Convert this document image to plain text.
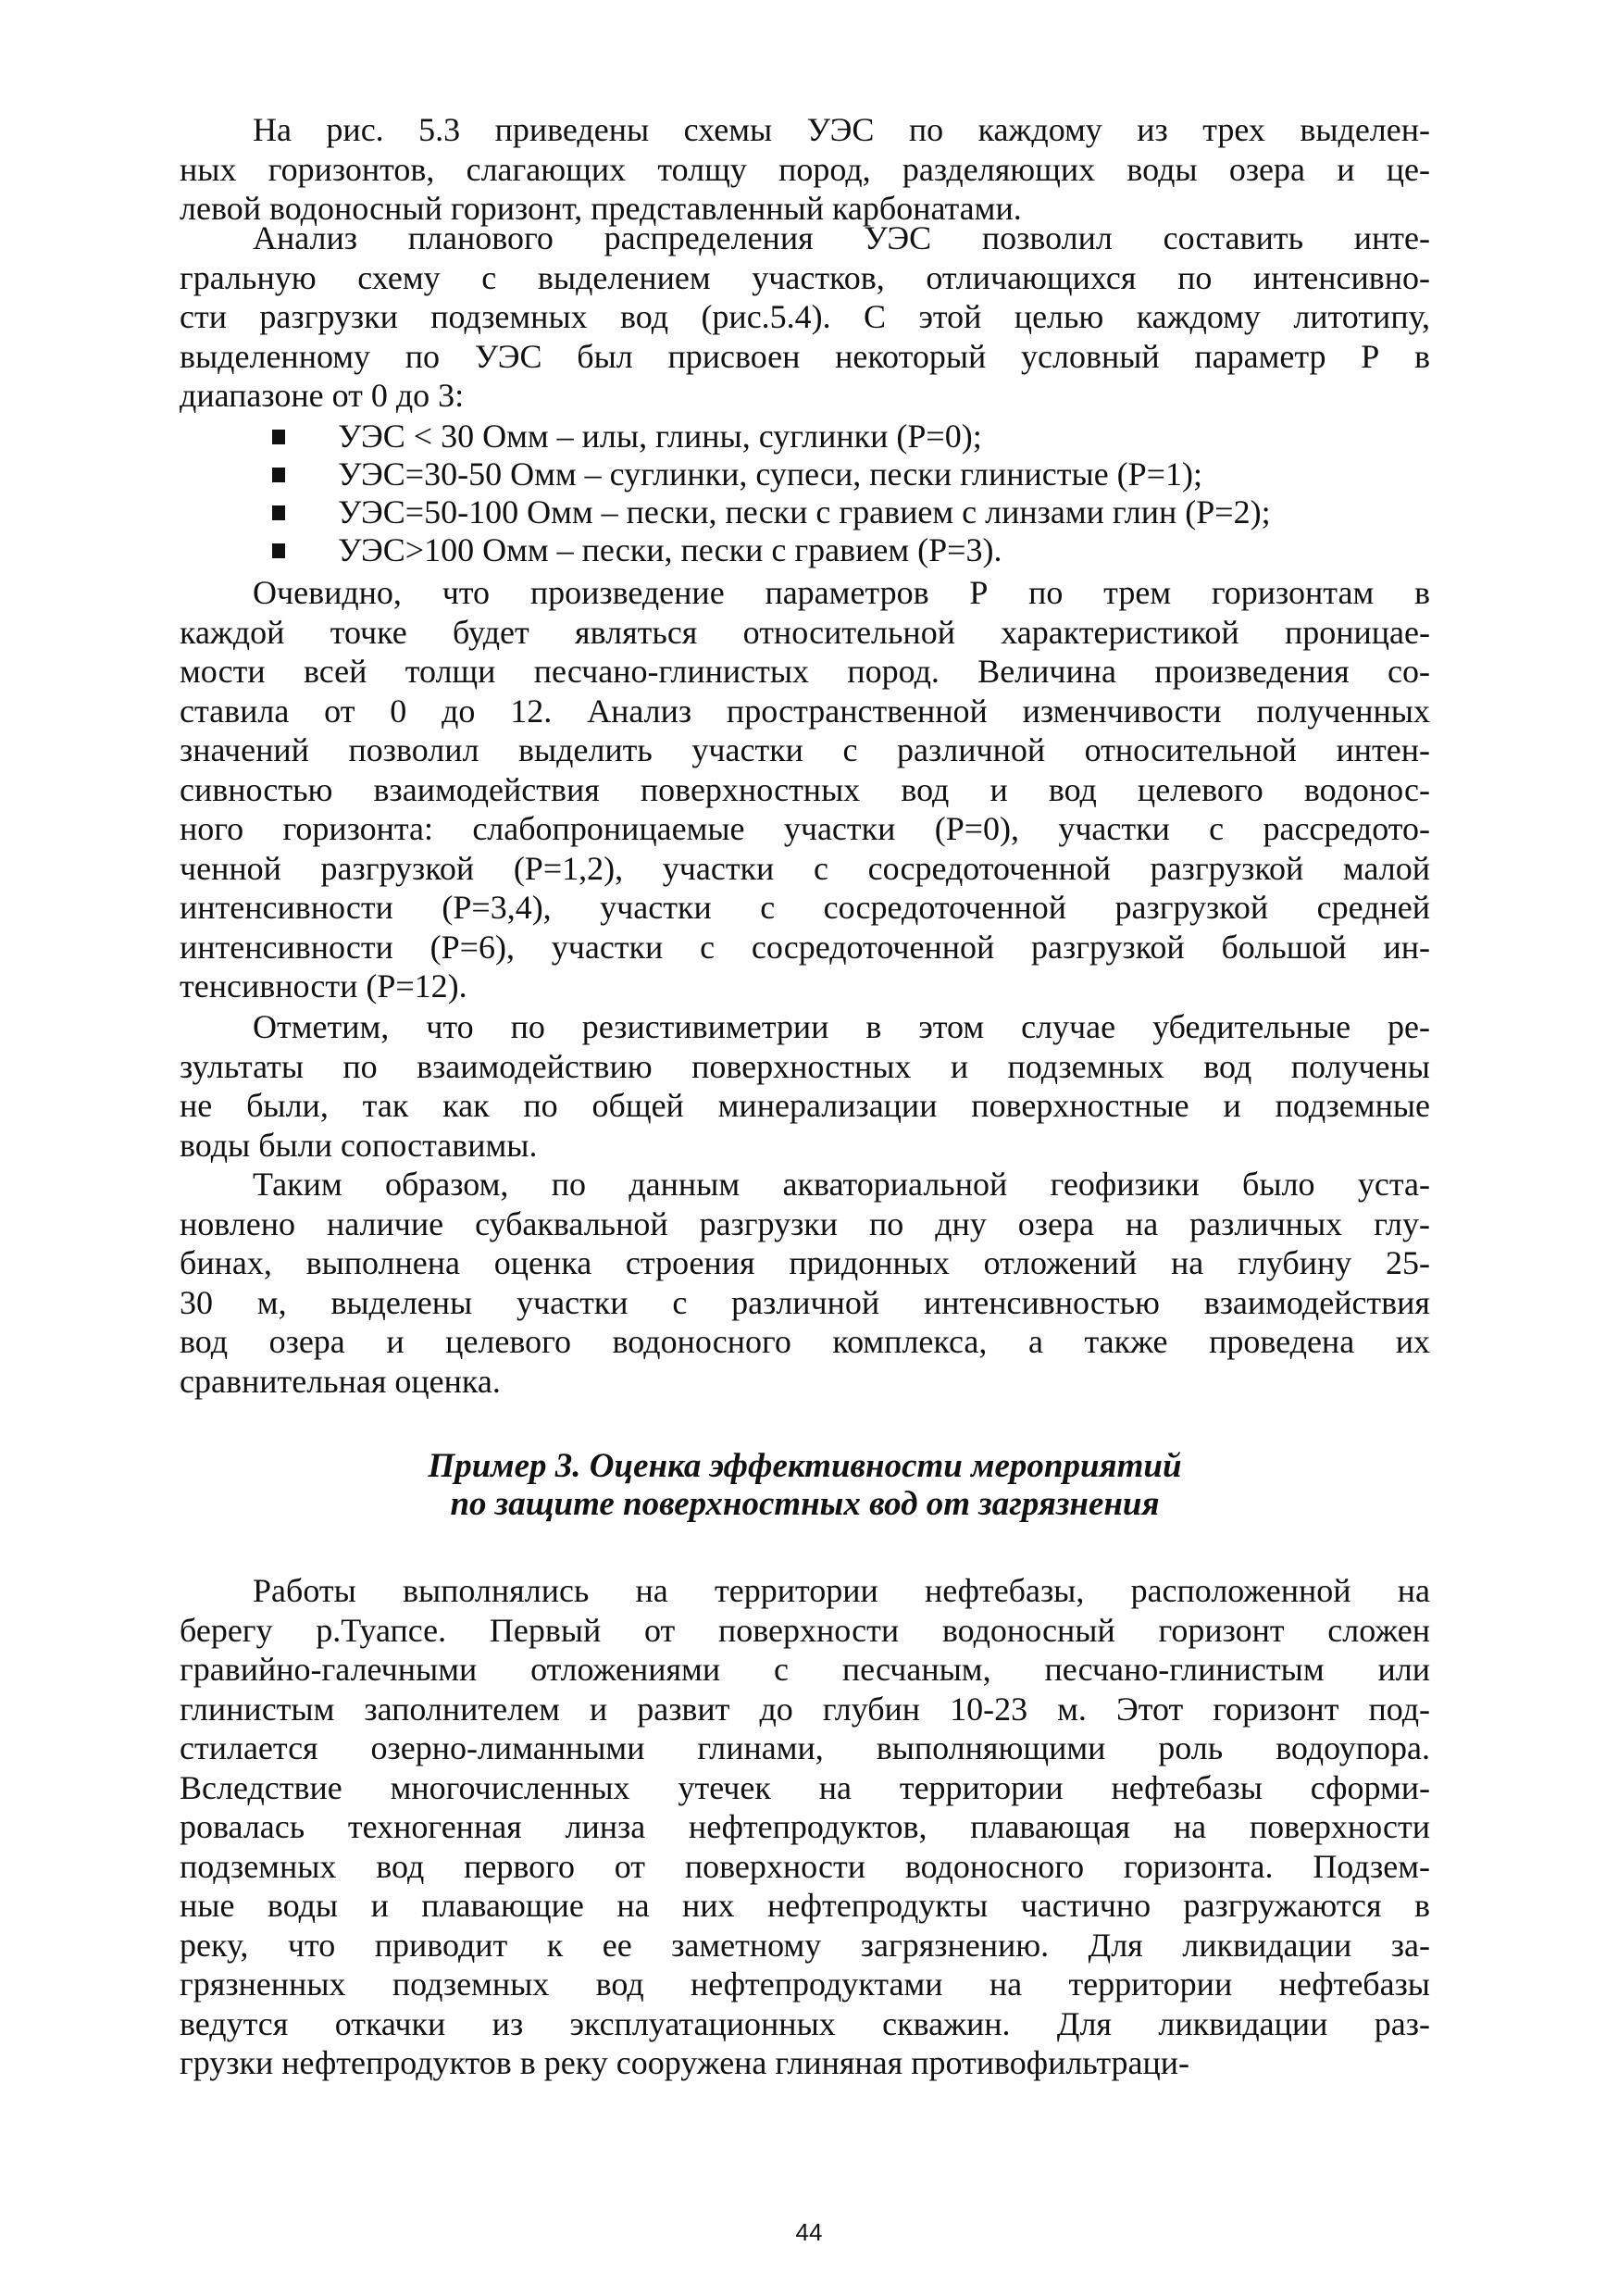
На рис. 5.3 приведены схемы УЭС по каждому из трех выделен-
ных горизонтов, слагающих толщу пород, разделяющих воды озера и це-
левой водоносный горизонт, представленный карбонатами.
Анализ планового распределения УЭС позволил составить инте-
гральную схему с выделением участков, отличающихся по интенсивно-
сти разгрузки подземных вод (рис.5.4). С этой целью каждому литотипу,
выделенному по УЭС был присвоен некоторый условный параметр Р в
диапазоне от 0 до 3:
УЭС < 30 Омм – илы, глины, суглинки (Р=0);
УЭС=30-50 Омм – суглинки, супеси, пески глинистые (Р=1);
УЭС=50-100 Омм – пески, пески с гравием с линзами глин (Р=2);
УЭС>100 Омм – пески, пески с гравием (Р=3).
Очевидно, что произведение параметров Р по трем горизонтам в
каждой точке будет являться относительной характеристикой проницае-
мости всей толщи песчано-глинистых пород. Величина произведения со-
ставила от 0 до 12. Анализ пространственной изменчивости полученных
значений позволил выделить участки с различной относительной интен-
сивностью взаимодействия поверхностных вод и вод целевого водонос-
ного горизонта: слабопроницаемые участки (Р=0), участки с рассредото-
ченной разгрузкой (Р=1,2), участки с сосредоточенной разгрузкой малой
интенсивности (Р=3,4), участки с сосредоточенной разгрузкой средней
интенсивности (Р=6), участки с сосредоточенной разгрузкой большой ин-
тенсивности (Р=12).
Отметим, что по резистивиметрии в этом случае убедительные ре-
зультаты по взаимодействию поверхностных и подземных вод получены
не были, так как по общей минерализации поверхностные и подземные
воды были сопоставимы.
Таким образом, по данным акваториальной геофизики было уста-
новлено наличие субаквальной разгрузки по дну озера на различных глу-
бинах, выполнена оценка строения придонных отложений на глубину 25-
30 м, выделены участки с различной интенсивностью взаимодействия
вод озера и целевого водоносного комплекса, а также проведена их
сравнительная оценка.
Пример 3. Оценка эффективности мероприятий
по защите поверхностных вод от загрязнения
Работы выполнялись на территории нефтебазы, расположенной на
берегу р.Туапсе. Первый от поверхности водоносный горизонт сложен
гравийно-галечными отложениями с песчаным, песчано-глинистым или
глинистым заполнителем и развит до глубин 10-23 м. Этот горизонт под-
стилается озерно-лиманными глинами, выполняющими роль водоупора.
Вследствие многочисленных утечек на территории нефтебазы сформи-
ровалась техногенная линза нефтепродуктов, плавающая на поверхности
подземных вод первого от поверхности водоносного горизонта. Подзем-
ные воды и плавающие на них нефтепродукты частично разгружаются в
реку, что приводит к ее заметному загрязнению. Для ликвидации за-
грязненных подземных вод нефтепродуктами на территории нефтебазы
ведутся откачки из эксплуатационных скважин. Для ликвидации раз-
грузки нефтепродуктов в реку сооружена глиняная противофильтраци-
44
